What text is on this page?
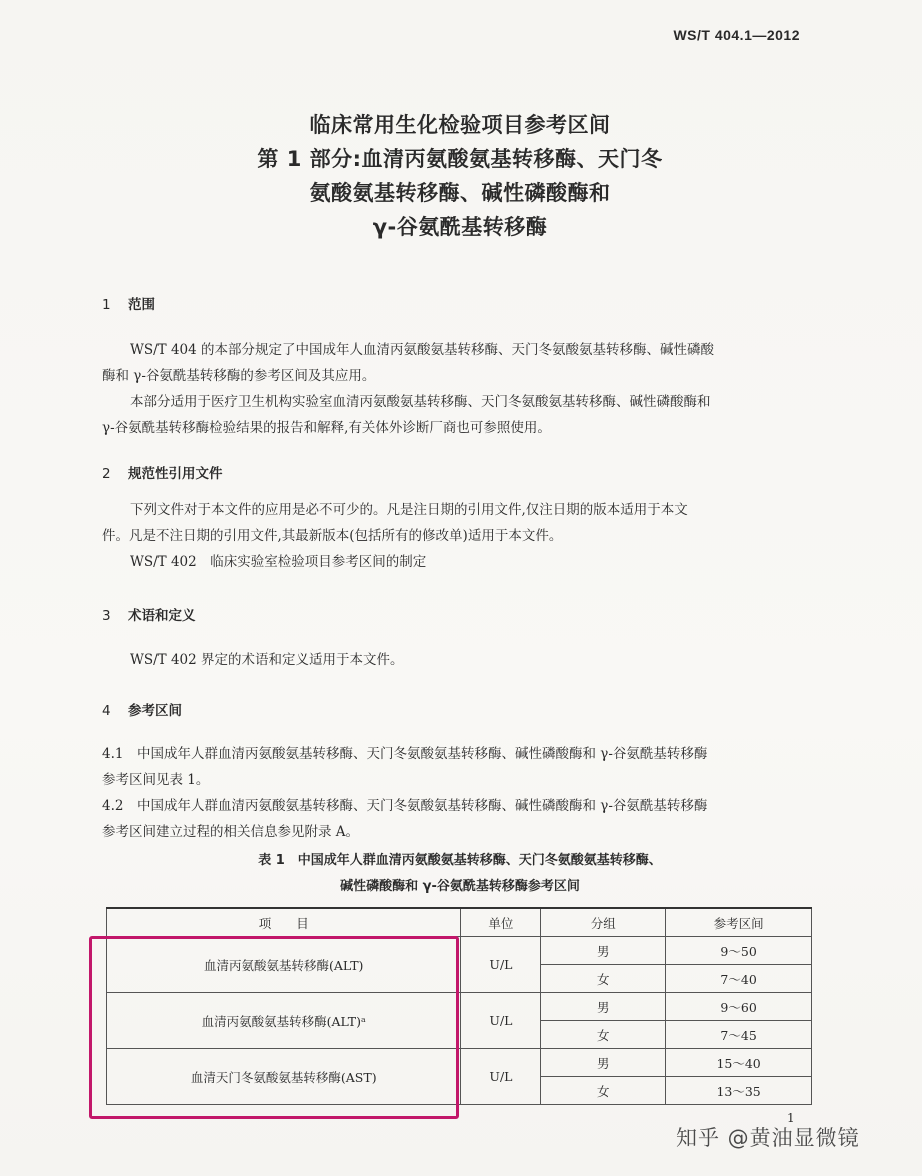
WS/T 404.1—2012
临床常用生化检验项目参考区间
第 1 部分:血清丙氨酸氨基转移酶、天门冬
氨酸氨基转移酶、碱性磷酸酶和
γ-谷氨酰基转移酶
1 范围
WS/T 404 的本部分规定了中国成年人血清丙氨酸氨基转移酶、天门冬氨酸氨基转移酶、碱性磷酸
酶和 γ-谷氨酰基转移酶的参考区间及其应用。
本部分适用于医疗卫生机构实验室血清丙氨酸氨基转移酶、天门冬氨酸氨基转移酶、碱性磷酸酶和
γ-谷氨酰基转移酶检验结果的报告和解释,有关体外诊断厂商也可参照使用。
2 规范性引用文件
下列文件对于本文件的应用是必不可少的。凡是注日期的引用文件,仅注日期的版本适用于本文
件。凡是不注日期的引用文件,其最新版本(包括所有的修改单)适用于本文件。
WS/T 402　临床实验室检验项目参考区间的制定
3 术语和定义
WS/T 402 界定的术语和定义适用于本文件。
4 参考区间
4.1　中国成年人群血清丙氨酸氨基转移酶、天门冬氨酸氨基转移酶、碱性磷酸酶和 γ-谷氨酰基转移酶
参考区间见表 1。
4.2　中国成年人群血清丙氨酸氨基转移酶、天门冬氨酸氨基转移酶、碱性磷酸酶和 γ-谷氨酰基转移酶
参考区间建立过程的相关信息参见附录 A。
表 1　中国成年人群血清丙氨酸氨基转移酶、天门冬氨酸氨基转移酶、
碱性磷酸酶和 γ-谷氨酰基转移酶参考区间
项　　目	单位	分组	参考区间
血清丙氨酸氨基转移酶(ALT)	U/L	男	9～50
		女	7～40
血清丙氨酸氨基转移酶(ALT)ᵃ	U/L	男	9～60
		女	7～45
血清天门冬氨酸氨基转移酶(AST)	U/L	男	15～40
		女	13～35
1
知乎 @黄油显微镜
